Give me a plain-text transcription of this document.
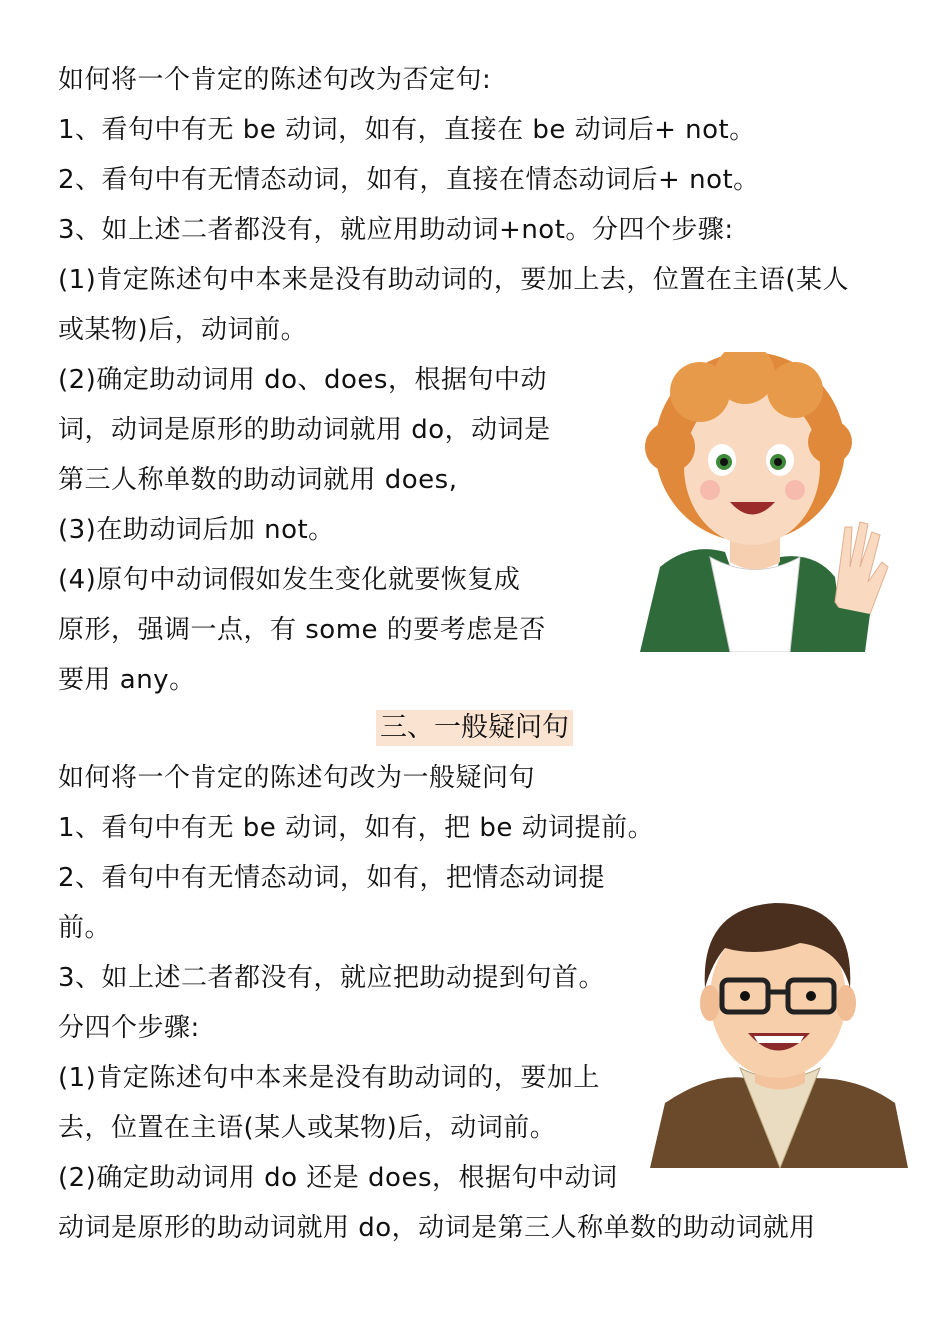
如何将一个肯定的陈述句改为否定句:
1、看句中有无 be 动词，如有，直接在 be 动词后+ not。
2、看句中有无情态动词，如有，直接在情态动词后+ not。
3、如上述二者都没有，就应用助动词+not。分四个步骤:
(1)肯定陈述句中本来是没有助动词的，要加上去，位置在主语(某人
或某物)后，动词前。
(2)确定助动词用 do、does，根据句中动
词，动词是原形的助动词就用 do，动词是
第三人称单数的助动词就用 does,
(3)在助动词后加 not。
(4)原句中动词假如发生变化就要恢复成
原形，强调一点，有 some 的要考虑是否
要用 any。
三、一般疑问句
如何将一个肯定的陈述句改为一般疑问句
1、看句中有无 be 动词，如有，把 be 动词提前。
2、看句中有无情态动词，如有，把情态动词提
前。
3、如上述二者都没有，就应把助动提到句首。
分四个步骤:
(1)肯定陈述句中本来是没有助动词的，要加上
去，位置在主语(某人或某物)后，动词前。
(2)确定助动词用 do 还是 does，根据句中动词
动词是原形的助动词就用 do，动词是第三人称单数的助动词就用
